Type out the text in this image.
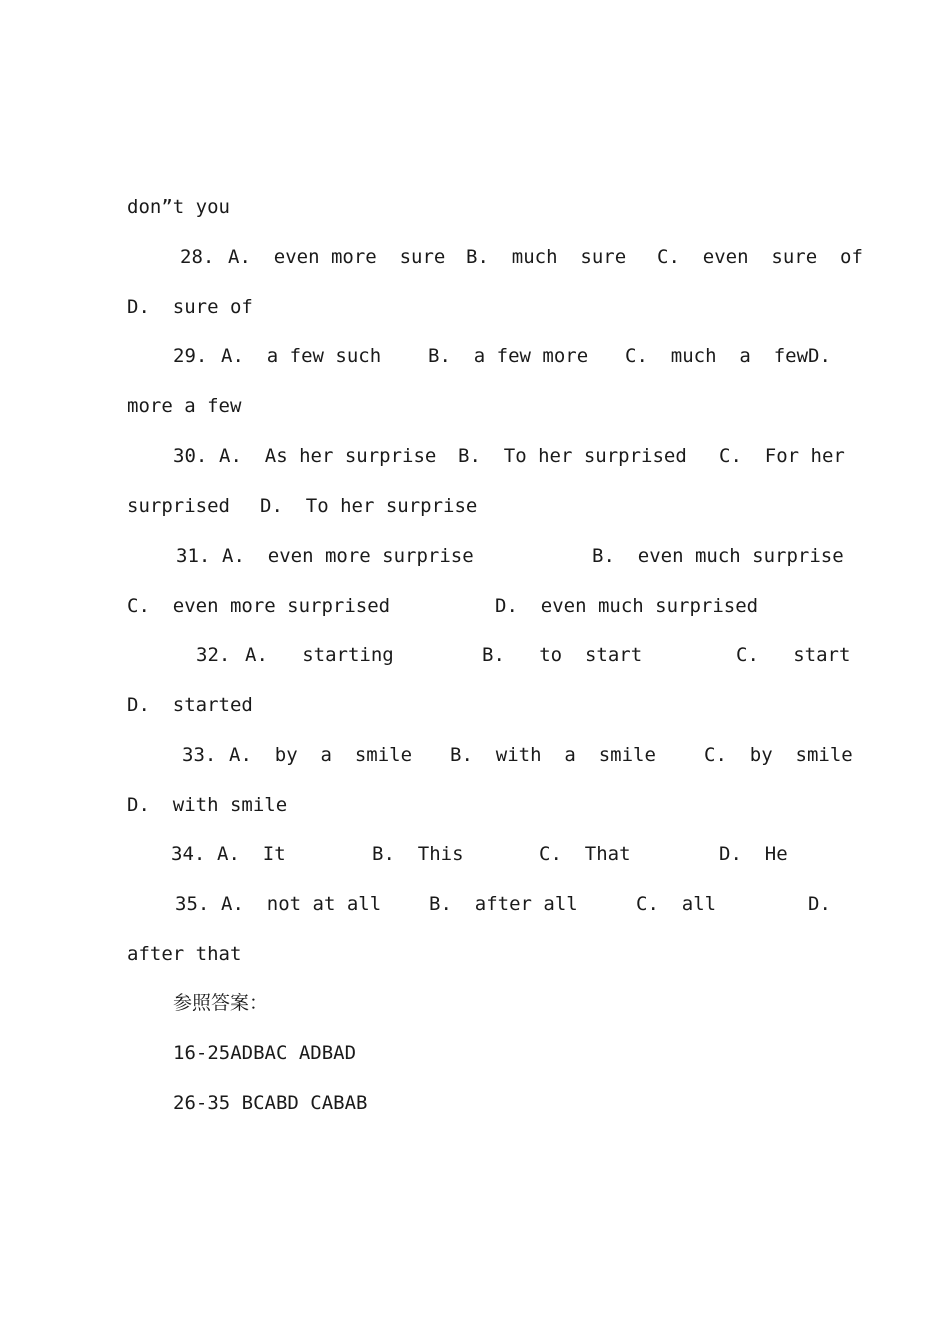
don”t you
28. A.  even more  sure B.  much  sure C.  even  sure  of
D.  sure of
29. A.  a few such B.  a few more C.  much  a  few D.
more a few
30. A.  As her surprise B.  To her surprised C.  For her
surprised D.  To her surprise
31. A.  even more surprise	B.  even much surprise
C.  even more surprised	D.  even much surprised
32. A.   starting	B.   to  start	C.   start
D.  started
33. A.  by  a  smile B.  with  a  smile	C.  by  smile
D.  with smile
34. A.  It	B.  This	C.  That	D.  He
35. A.  not at all	B.  after all	C.  all	D.
after that
参照答案：
16-25ADBAC ADBAD
26-35 BCABD CABAB
